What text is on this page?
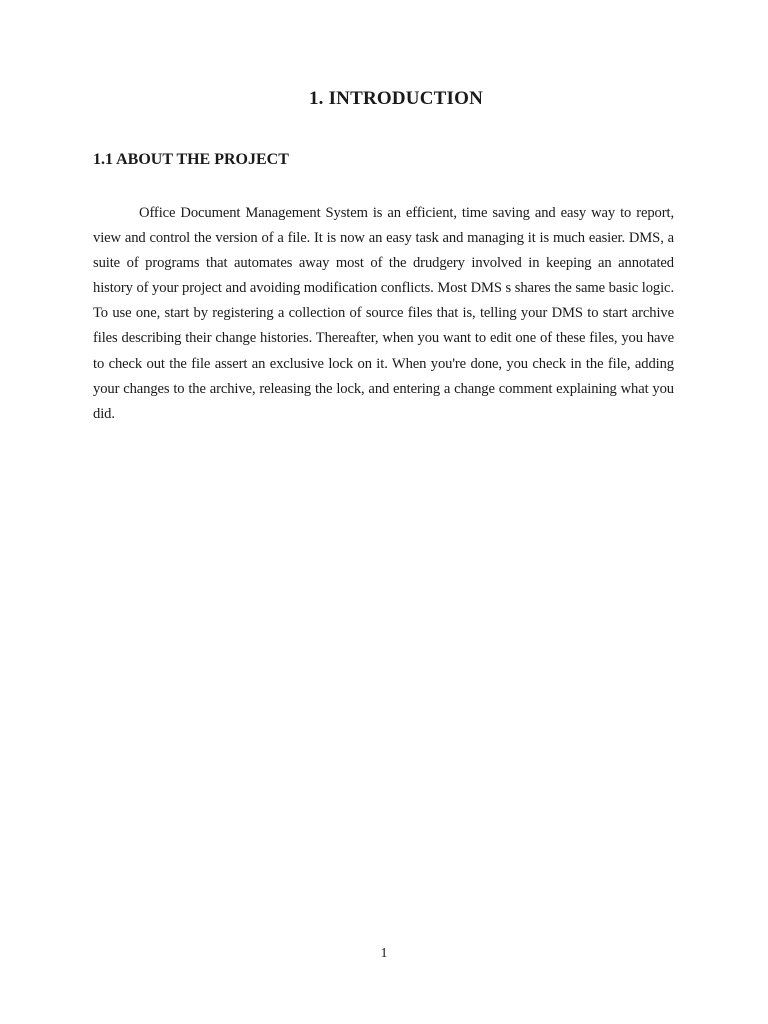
1. INTRODUCTION
1.1 ABOUT THE PROJECT

Office Document Management System is an efficient, time saving and easy way to report, view and control the version of a file. It is now an easy task and managing it is much easier. DMS, a suite of programs that automates away most of the drudgery involved in keeping an annotated history of your project and avoiding modification conflicts. Most DMS s shares the same basic logic. To use one, start by registering a collection of source files that is, telling your DMS to start archive files describing their change histories. Thereafter, when you want to edit one of these files, you have to check out the file assert an exclusive lock on it. When you're done, you check in the file, adding your changes to the archive, releasing the lock, and entering a change comment explaining what you did.

1
